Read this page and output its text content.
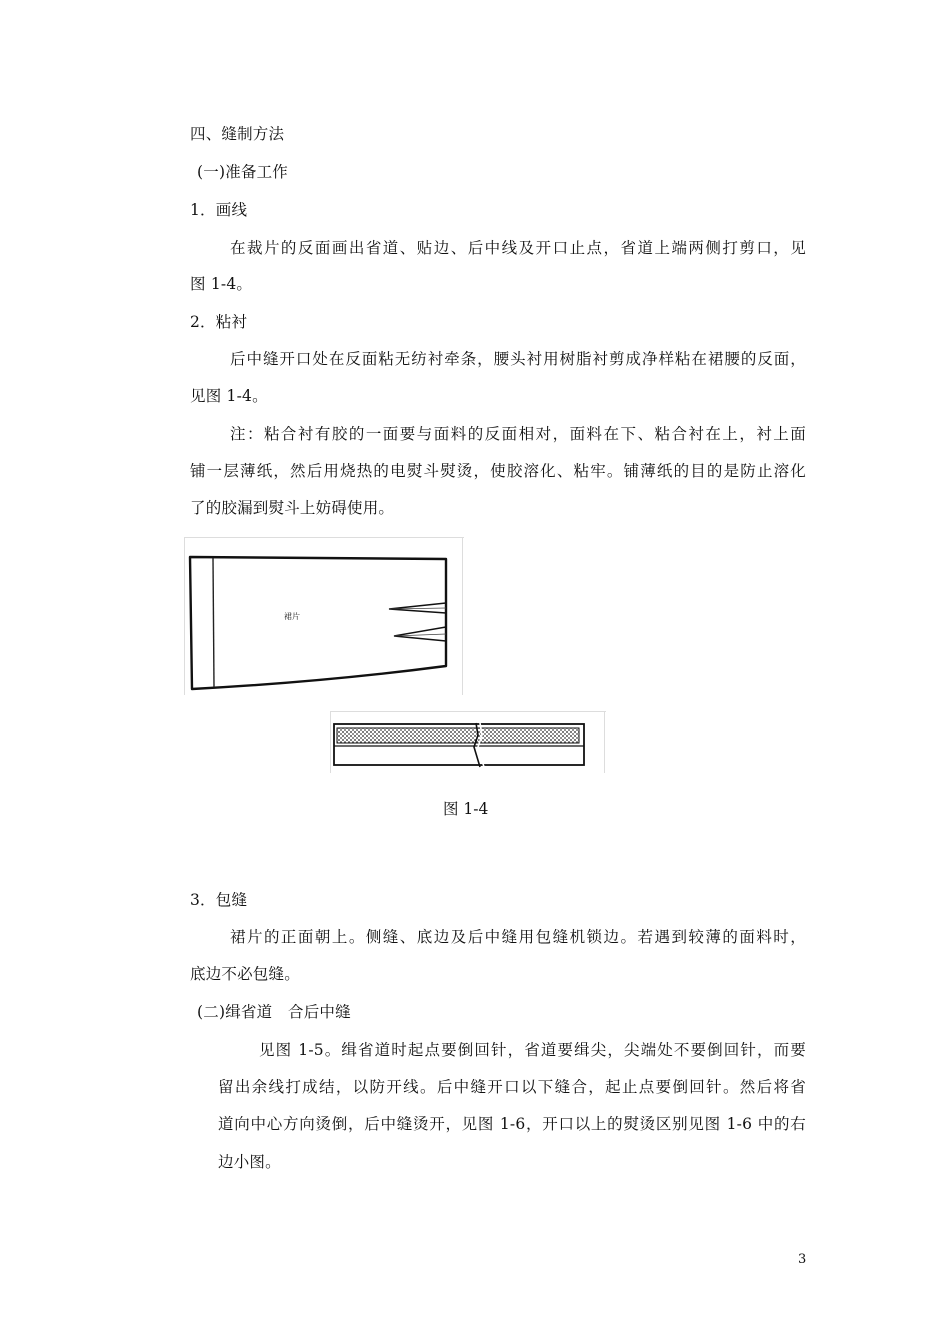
四、缝制方法
(一)准备工作
1．画线
在裁片的反面画出省道、贴边、后中线及开口止点，省道上端两侧打剪口，见
图 1-4。
2．粘衬
后中缝开口处在反面粘无纺衬牵条，腰头衬用树脂衬剪成净样粘在裙腰的反面，
见图 1-4。
注：粘合衬有胶的一面要与面料的反面相对，面料在下、粘合衬在上，衬上面
铺一层薄纸，然后用烧热的电熨斗熨烫，使胶溶化、粘牢。铺薄纸的目的是防止溶化
了的胶漏到熨斗上妨碍使用。
裙片
图 1-4
3．包缝
裙片的正面朝上。侧缝、底边及后中缝用包缝机锁边。若遇到较薄的面料时，
底边不必包缝。
(二)缉省道　合后中缝
见图 1-5。缉省道时起点要倒回针，省道要缉尖，尖端处不要倒回针，而要
留出余线打成结，以防开线。后中缝开口以下缝合，起止点要倒回针。然后将省
道向中心方向烫倒，后中缝烫开，见图 1-6，开口以上的熨烫区别见图 1-6 中的右
边小图。
3
